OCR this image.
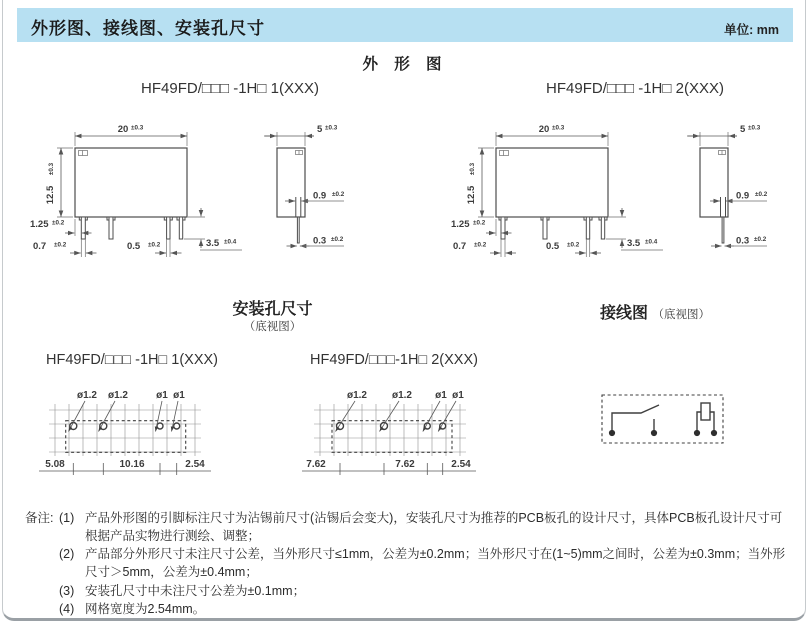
外形图、接线图、安装孔尺寸	单位: mm
外 形 图
HF49FD/□□□ -1H□ 1(XXX)	HF49FD/□□□ -1H□ 2(XXX)
20 ±0.3
12.5
±0.3
1.25 ±0.2
0.7 ±0.2	0.5 ±0.2	3.5 ±0.4
5 ±0.3
0.9 ±0.2
0.3 ±0.2
20 ±0.3
12.5
±0.3
1.25 ±0.2
0.7 ±0.2	0.5 ±0.2	3.5 ±0.4
5 ±0.3
0.9 ±0.2
0.3 ±0.2
安装孔尺寸
（底视图）
接线图 （底视图）
HF49FD/□□□ -1H□ 1(XXX)	HF49FD/□□□-1H□ 2(XXX)
ø1.2 ø1.2	ø1 ø1
5.08	10.16	2.54
ø1.2 ø1.2 ø1 ø1
7.62	7.62	2.54
备注: (1) 产品外形图的引脚标注尺寸为沾锡前尺寸(沾锡后会变大)，安装孔尺寸为推荐的PCB板孔的设计尺寸，具体PCB板孔设计尺寸可根据产品实物进行测绘、调整；
(2) 产品部分外形尺寸未注尺寸公差，当外形尺寸≤1mm，公差为±0.2mm；当外形尺寸在(1~5)mm之间时，公差为±0.3mm；当外形尺寸＞5mm，公差为±0.4mm；
(3) 安装孔尺寸中未注尺寸公差为±0.1mm；
(4) 网格宽度为2.54mm。
